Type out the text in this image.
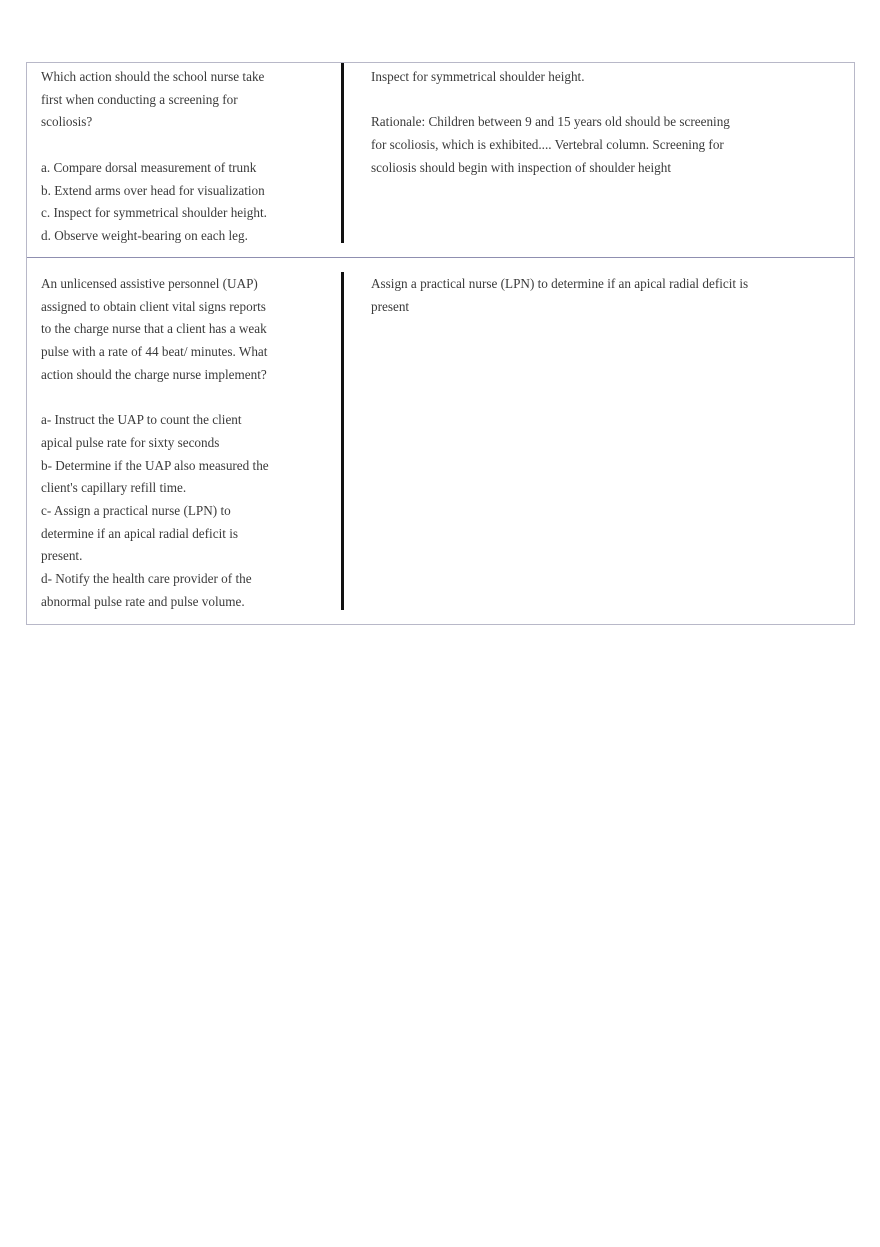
Which action should the school nurse take
first when conducting a screening for
scoliosis?
a. Compare dorsal measurement of trunk
b. Extend arms over head for visualization
c. Inspect for symmetrical shoulder height.
d. Observe weight-bearing on each leg.
Inspect for symmetrical shoulder height.
Rationale: Children between 9 and 15 years old should be screening
for scoliosis, which is exhibited.... Vertebral column. Screening for
scoliosis should begin with inspection of shoulder height
An unlicensed assistive personnel (UAP)
assigned to obtain client vital signs reports
to the charge nurse that a client has a weak
pulse with a rate of 44 beat/ minutes. What
action should the charge nurse implement?
a- Instruct the UAP to count the client
apical pulse rate for sixty seconds
b- Determine if the UAP also measured the
client's capillary refill time.
c- Assign a practical nurse (LPN) to
determine if an apical radial deficit is
present.
d- Notify the health care provider of the
abnormal pulse rate and pulse volume.
Assign a practical nurse (LPN) to determine if an apical radial deficit is
present
